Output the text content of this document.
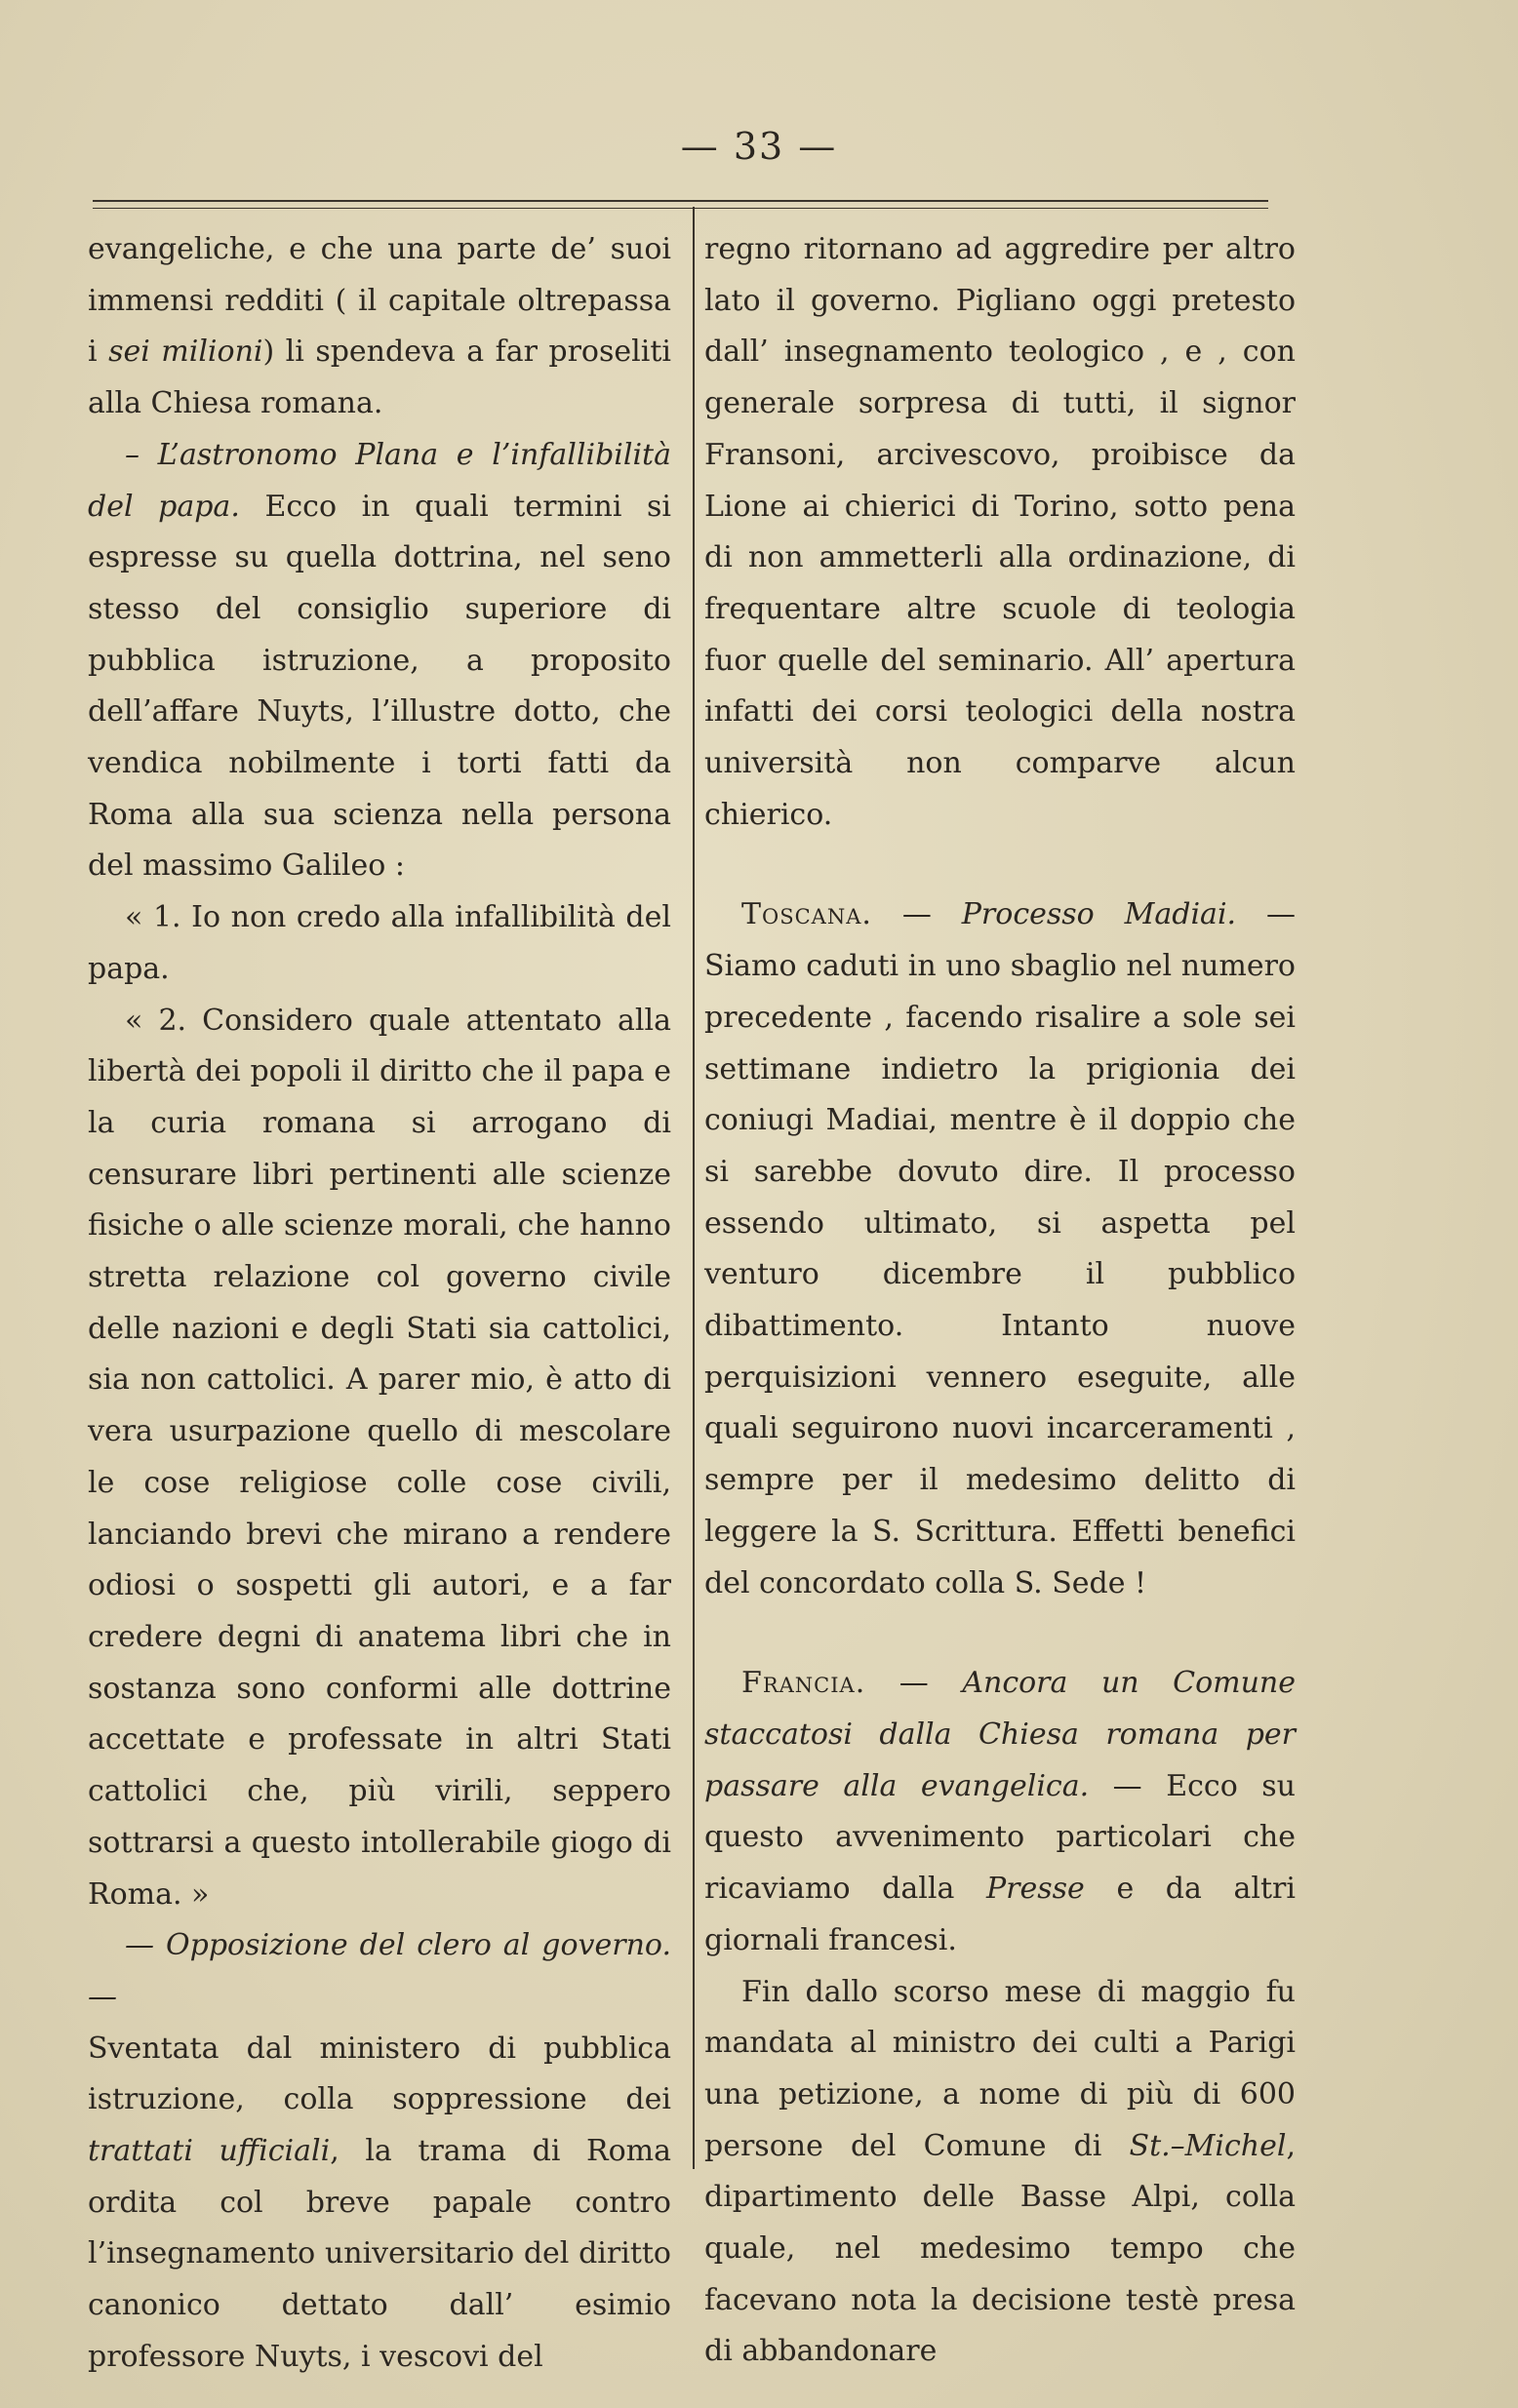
— 33 —

evangeliche, e che una parte de’ suoi immensi redditi ( il capitale oltrepassa i sei milioni) li spendeva a far proseliti alla Chiesa romana.

– L’astronomo Plana e l’infallibilità del papa. Ecco in quali termini si espresse su quella dottrina, nel seno stesso del consiglio superiore di pubblica istruzione, a proposito dell’affare Nuyts, l’illustre dotto, che vendica nobilmente i torti fatti da Roma alla sua scienza nella persona del massimo Galileo :

« 1. Io non credo alla infallibilità del papa.

« 2. Considero quale attentato alla libertà dei popoli il diritto che il papa e la curia romana si arrogano di censurare libri pertinenti alle scienze fisiche o alle scienze morali, che hanno stretta relazione col governo civile delle nazioni e degli Stati sia cattolici, sia non cattolici. A parer mio, è atto di vera usurpazione quello di mescolare le cose religiose colle cose civili, lanciando brevi che mirano a rendere odiosi o sospetti gli autori, e a far credere degni di anatema libri che in sostanza sono conformi alle dottrine accettate e professate in altri Stati cattolici che, più virili, seppero sottrarsi a questo intollerabile giogo di Roma. »

— Opposizione del clero al governo.—

Sventata dal ministero di pubblica istruzione, colla soppressione dei trattati ufficiali, la trama di Roma ordita col breve papale contro l’insegnamento universitario del diritto canonico dettato dall’ esimio professore Nuyts, i vescovi del

regno ritornano ad aggredire per altro lato il governo. Pigliano oggi pretesto dall’ insegnamento teologico , e , con generale sorpresa di tutti, il signor Fransoni, arcivescovo, proibisce da Lione ai chierici di Torino, sotto pena di non ammetterli alla ordinazione, di frequentare altre scuole di teologia fuor quelle del seminario. All’ apertura infatti dei corsi teologici della nostra università non comparve alcun chierico.

Toscana. — Processo Madiai. — Siamo caduti in uno sbaglio nel numero precedente , facendo risalire a sole sei settimane indietro la prigionia dei coniugi Madiai, mentre è il doppio che si sarebbe dovuto dire. Il processo essendo ultimato, si aspetta pel venturo dicembre il pubblico dibattimento. Intanto nuove perquisizioni vennero eseguite, alle quali seguirono nuovi incarceramenti , sempre per il medesimo delitto di leggere la S. Scrittura. Effetti benefici del concordato colla S. Sede !

Francia. — Ancora un Comune staccatosi dalla Chiesa romana per passare alla evangelica. — Ecco su questo avvenimento particolari che ricaviamo dalla Presse e da altri giornali francesi.

Fin dallo scorso mese di maggio fu mandata al ministro dei culti a Parigi una petizione, a nome di più di 600 persone del Comune di St.–Michel, dipartimento delle Basse Alpi, colla quale, nel medesimo tempo che facevano nota la decisione testè presa di abbandonare
